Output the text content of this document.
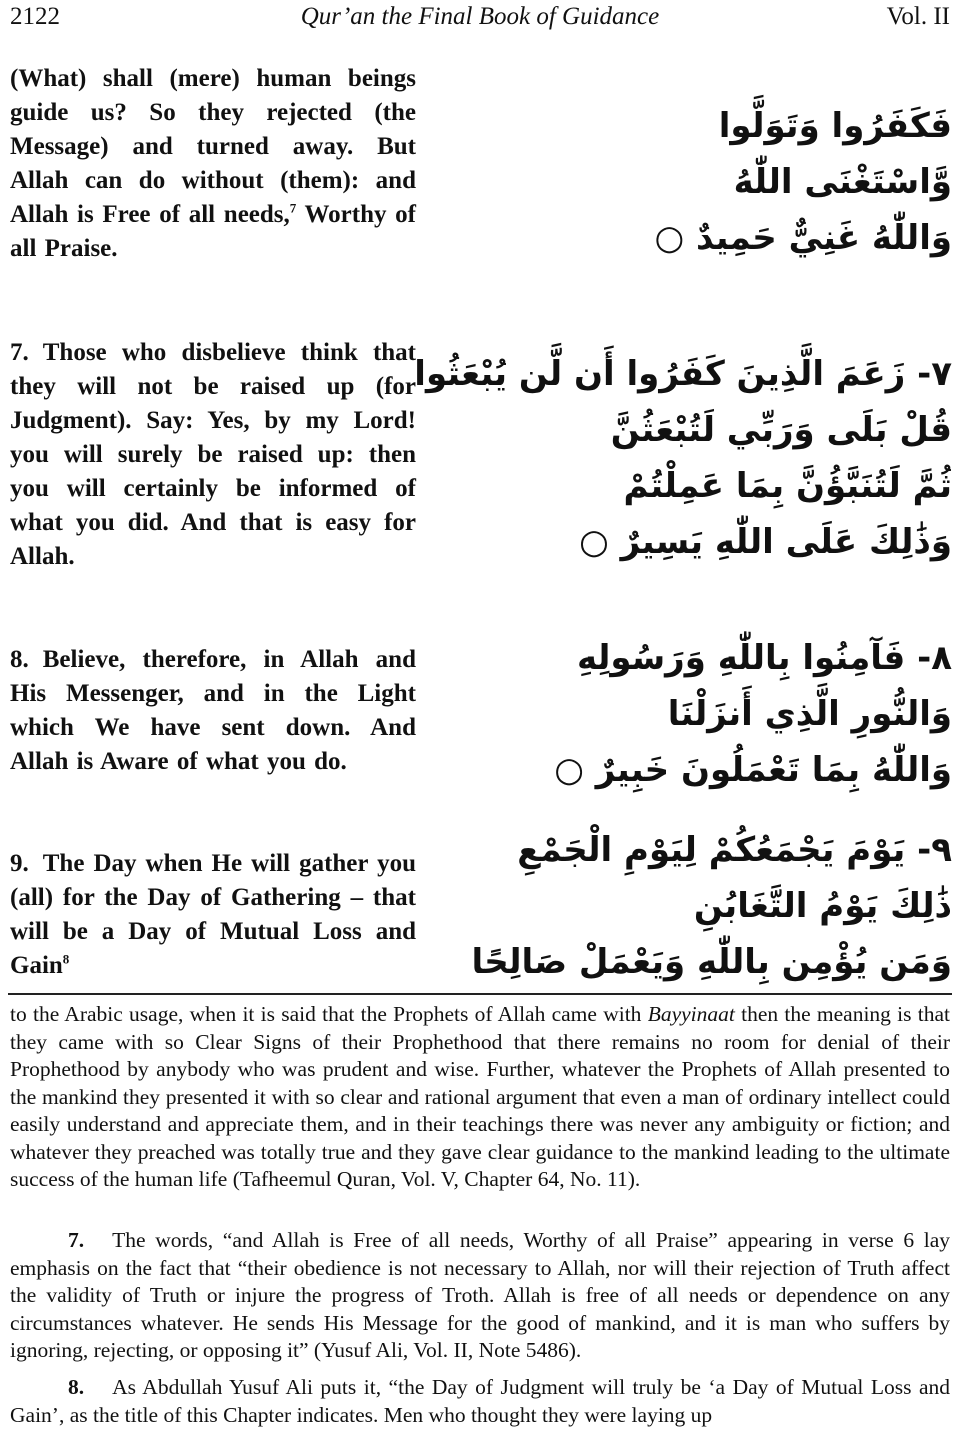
Qur’an the Final Book of Guidance
2122	Vol. II

(What) shall (mere) human beings guide us? So they rejected (the Message) and turned away. But Allah can do without (them): and Allah is Free of all needs,$^7$ Worthy of all Praise.

فَكَفَرُوا وَتَوَلَّوا
وَّاسْتَغْنَى اللّٰهُ
وَاللّٰهُ غَنِيٌّ حَمِيدٌ ○

7. Those who disbelieve think that they will not be raised up (for Judgment). Say: Yes, by my Lord! you will surely be raised up: then you will certainly be informed of what you did. And that is easy for Allah.

٧- زَعَمَ الَّذِينَ كَفَرُوا أَن لَّن يُبْعَثُوا
قُلْ بَلَى وَرَبِّي لَتُبْعَثُنَّ
ثُمَّ لَتُنَبَّؤُنَّ بِمَا عَمِلْتُمْ
وَذَٰلِكَ عَلَى اللّٰهِ يَسِيرٌ ○

8. Believe, therefore, in Allah and His Messenger, and in the Light which We have sent down. And Allah is Aware of what you do.

٨- فَآمِنُوا بِاللّٰهِ وَرَسُولِهِ
وَالنُّورِ الَّذِي أَنزَلْنَا
وَاللّٰهُ بِمَا تَعْمَلُونَ خَبِيرٌ ○

9. The Day when He will gather you (all) for the Day of Gathering – that will be a Day of Mutual Loss and Gain$^8$

٩- يَوْمَ يَجْمَعُكُمْ لِيَوْمِ الْجَمْعِ
ذَٰلِكَ يَوْمُ التَّغَابُنِ
وَمَن يُؤْمِن بِاللّٰهِ وَيَعْمَلْ صَالِحًا

to the Arabic usage, when it is said that the Prophets of Allah came with Bayyinaat then the meaning is that they came with so Clear Signs of their Prophethood that there remains no room for denial of their Prophethood by anybody who was prudent and wise. Further, whatever the Prophets of Allah presented to the mankind they presented it with so clear and rational argument that even a man of ordinary intellect could easily understand and appreciate them, and in their teachings there was never any ambiguity or fiction; and whatever they preached was totally true and they gave clear guidance to the mankind leading to the ultimate success of the human life (Tafheemul Quran, Vol. V, Chapter 64, No. 11).

7. The words, “and Allah is Free of all needs, Worthy of all Praise” appearing in verse 6 lay emphasis on the fact that “their obedience is not necessary to Allah, nor will their rejection of Truth affect the validity of Truth or injure the progress of Troth. Allah is free of all needs or dependence on any circumstances whatever. He sends His Message for the good of mankind, and it is man who suffers by ignoring, rejecting, or opposing it” (Yusuf Ali, Vol. II, Note 5486).

8. As Abdullah Yusuf Ali puts it, “the Day of Judgment will truly be ‘a Day of Mutual Loss and Gain’, as the title of this Chapter indicates. Men who thought they were laying up
